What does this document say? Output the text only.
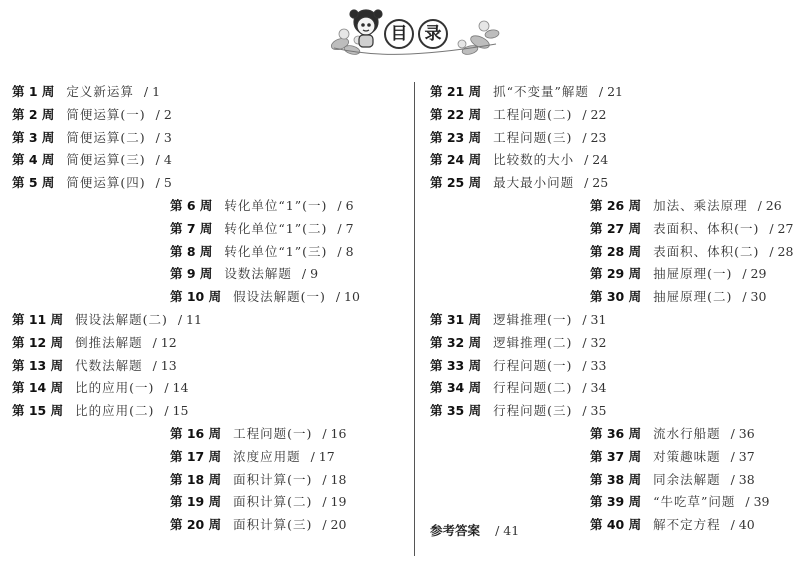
目	录
第 1 周 定义新运算 / 1
第 2 周 简便运算(一) / 2
第 3 周 简便运算(二) / 3
第 4 周 简便运算(三) / 4
第 5 周 简便运算(四) / 5
第 6 周 转化单位“1”(一) / 6
第 7 周 转化单位“1”(二) / 7
第 8 周 转化单位“1”(三) / 8
第 9 周 设数法解题 / 9
第 10 周 假设法解题(一) / 10
第 11 周 假设法解题(二) / 11
第 12 周 倒推法解题 / 12
第 13 周 代数法解题 / 13
第 14 周 比的应用(一) / 14
第 15 周 比的应用(二) / 15
第 16 周 工程问题(一) / 16
第 17 周 浓度应用题 / 17
第 18 周 面积计算(一) / 18
第 19 周 面积计算(二) / 19
第 20 周 面积计算(三) / 20
第 21 周 抓“不变量”解题 / 21
第 22 周 工程问题(二) / 22
第 23 周 工程问题(三) / 23
第 24 周 比较数的大小 / 24
第 25 周 最大最小问题 / 25
第 26 周 加法、乘法原理 / 26
第 27 周 表面积、体积(一) / 27
第 28 周 表面积、体积(二) / 28
第 29 周 抽屉原理(一) / 29
第 30 周 抽屉原理(二) / 30
第 31 周 逻辑推理(一) / 31
第 32 周 逻辑推理(二) / 32
第 33 周 行程问题(一) / 33
第 34 周 行程问题(二) / 34
第 35 周 行程问题(三) / 35
第 36 周 流水行船题 / 36
第 37 周 对策趣味题 / 37
第 38 周 同余法解题 / 38
第 39 周 “牛吃草”问题 / 39
第 40 周 解不定方程 / 40
参考答案 / 41
